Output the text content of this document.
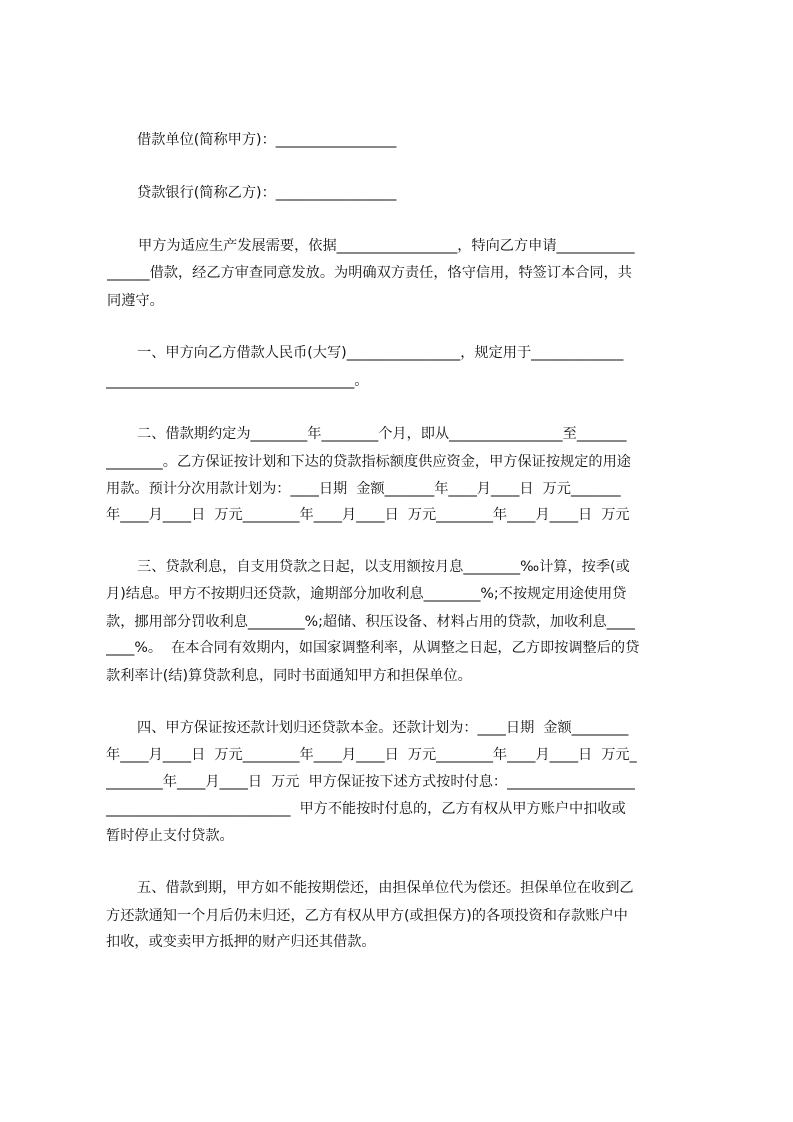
借款单位(简称甲方)：_________________
贷款银行(简称乙方)：_________________
甲方为适应生产发展需要，依据_________________，特向乙方申请___________
______借款，经乙方审查同意发放。为明确双方责任，恪守信用，特签订本合同，共
同遵守。
一、甲方向乙方借款人民币(大写)________________，规定用于_____________
___________________________________。
二、借款期约定为________年________个月，即从________________至_______
________。乙方保证按计划和下达的贷款指标额度供应资金，甲方保证按规定的用途
用款。预计分次用款计划为：____日期  金额_______年____月____日  万元_______
年____月____日  万元________年____月____日  万元________年____月____日  万元
三、贷款利息，自支用贷款之日起，以支用额按月息________‰计算，按季(或
月)结息。甲方不按期归还贷款，逾期部分加收利息________%;不按规定用途使用贷
款，挪用部分罚收利息________%;超储、积压设备、材料占用的贷款，加收利息____
____%。  在本合同有效期内，如国家调整利率，从调整之日起，乙方即按调整后的贷
款利率计(结)算贷款利息，同时书面通知甲方和担保单位。
四、甲方保证按还款计划归还贷款本金。还款计划为：____日期  金额________
年____月____日  万元________年____月____日  万元________年____月____日  万元_
________年____月____日  万元  甲方保证按下述方式按时付息：__________________
__________________________  甲方不能按时付息的，乙方有权从甲方账户中扣收或
暂时停止支付贷款。
五、借款到期，甲方如不能按期偿还，由担保单位代为偿还。担保单位在收到乙
方还款通知一个月后仍未归还，乙方有权从甲方(或担保方)的各项投资和存款账户中
扣收，或变卖甲方抵押的财产归还其借款。
